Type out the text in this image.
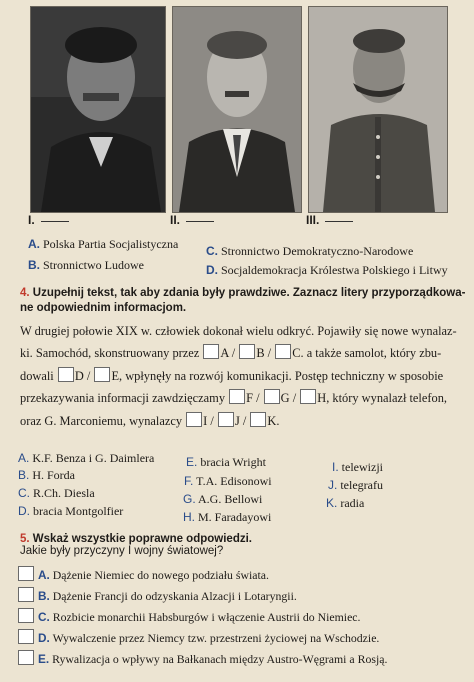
I.	II.	III.
A. Polska Partia Socjalistyczna
B. Stronnictwo Ludowe
C. Stronnictwo Demokratyczno-Narodowe
D. Socjaldemokracja Królestwa Polskiego i Litwy
4. Uzupełnij tekst, tak aby zdania były prawdziwe. Zaznacz litery przyporządkowa-
ne odpowiednim informacjom.
W drugiej połowie XIX w. człowiek dokonał wielu odkryć. Pojawiły się nowe wynalaz-
ki. Samochód, skonstruowany przez A / B / C. a także samolot, który zbu-
dowali D / E, wpłynęły na rozwój komunikacji. Postęp techniczny w sposobie
przekazywania informacji zawdzięczamy F / G / H, który wynalazł telefon,
oraz G. Marconiemu, wynalazcy I / J / K.
A. K.F. Benza i G. Daimlera
B. H. Forda
C. R.Ch. Diesla
D. bracia Montgolfier
E. bracia Wright
F. T.A. Edisonowi
G. A.G. Bellowi
H. M. Faradayowi
I. telewizji
J. telegrafu
K. radia
5. Wskaż wszystkie poprawne odpowiedzi.
Jakie były przyczyny I wojny światowej?
A. Dążenie Niemiec do nowego podziału świata.
B. Dążenie Francji do odzyskania Alzacji i Lotaryngii.
C. Rozbicie monarchii Habsburgów i włączenie Austrii do Niemiec.
D. Wywalczenie przez Niemcy tzw. przestrzeni życiowej na Wschodzie.
E. Rywalizacja o wpływy na Bałkanach między Austro-Węgrami a Rosją.
